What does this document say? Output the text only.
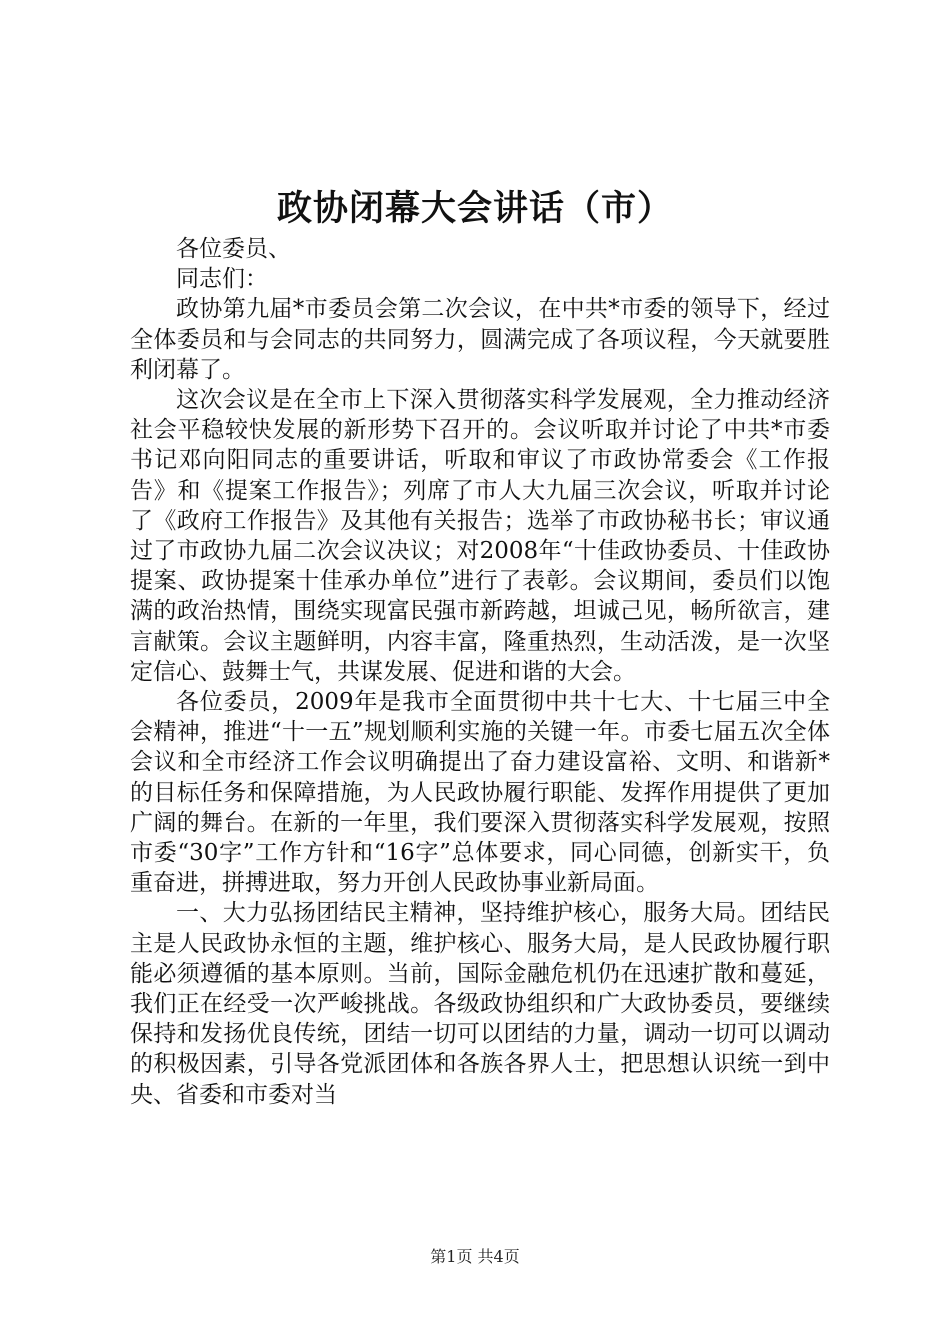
政协闭幕大会讲话（市）

各位委员、

同志们：

政协第九届*市委员会第二次会议，在中共*市委的领导下，经过全体委员和与会同志的共同努力，圆满完成了各项议程，今天就要胜利闭幕了。

这次会议是在全市上下深入贯彻落实科学发展观，全力推动经济社会平稳较快发展的新形势下召开的。会议听取并讨论了中共*市委书记邓向阳同志的重要讲话，听取和审议了市政协常委会《工作报告》和《提案工作报告》；列席了市人大九届三次会议，听取并讨论了《政府工作报告》及其他有关报告；选举了市政协秘书长；审议通过了市政协九届二次会议决议；对2008年“十佳政协委员、十佳政协提案、政协提案十佳承办单位”进行了表彰。会议期间，委员们以饱满的政治热情，围绕实现富民强市新跨越，坦诚己见，畅所欲言，建言献策。会议主题鲜明，内容丰富，隆重热烈，生动活泼，是一次坚定信心、鼓舞士气，共谋发展、促进和谐的大会。

各位委员，2009年是我市全面贯彻中共十七大、十七届三中全会精神，推进“十一五”规划顺利实施的关键一年。市委七届五次全体会议和全市经济工作会议明确提出了奋力建设富裕、文明、和谐新*的目标任务和保障措施，为人民政协履行职能、发挥作用提供了更加广阔的舞台。在新的一年里，我们要深入贯彻落实科学发展观，按照市委“30字”工作方针和“16字”总体要求，同心同德，创新实干，负重奋进，拼搏进取，努力开创人民政协事业新局面。

一、大力弘扬团结民主精神，坚持维护核心，服务大局。团结民主是人民政协永恒的主题，维护核心、服务大局，是人民政协履行职能必须遵循的基本原则。当前，国际金融危机仍在迅速扩散和蔓延，我们正在经受一次严峻挑战。各级政协组织和广大政协委员，要继续保持和发扬优良传统，团结一切可以团结的力量，调动一切可以调动的积极因素，引导各党派团体和各族各界人士，把思想认识统一到中央、省委和市委对当

第1页 共4页
